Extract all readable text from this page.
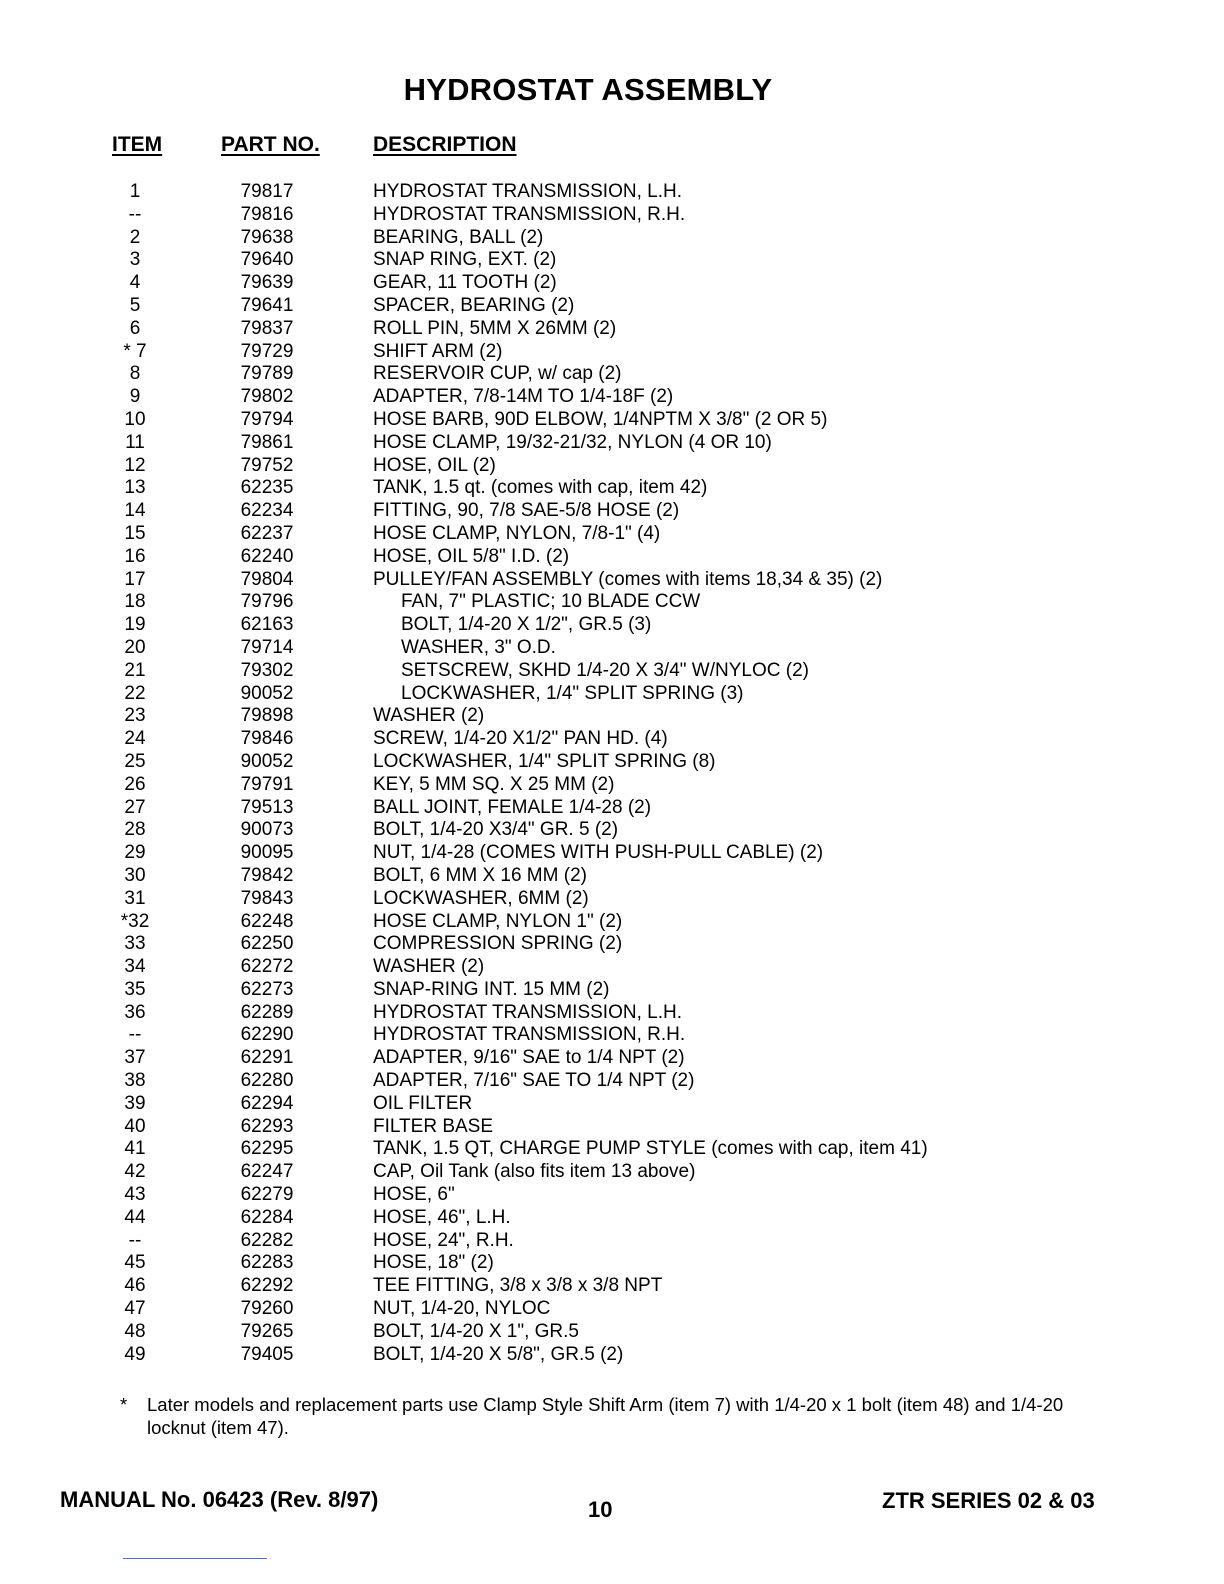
HYDROSTAT ASSEMBLY
ITEM	PART NO.	DESCRIPTION
1	79817	HYDROSTAT TRANSMISSION, L.H.
--	79816	HYDROSTAT TRANSMISSION, R.H.
2	79638	BEARING, BALL (2)
3	79640	SNAP RING, EXT. (2)
4	79639	GEAR, 11 TOOTH (2)
5	79641	SPACER, BEARING (2)
6	79837	ROLL PIN, 5MM X 26MM (2)
* 7	79729	SHIFT ARM (2)
8	79789	RESERVOIR CUP, w/ cap (2)
9	79802	ADAPTER, 7/8-14M TO 1/4-18F (2)
10	79794	HOSE BARB, 90D ELBOW, 1/4NPTM X 3/8" (2 OR 5)
11	79861	HOSE CLAMP, 19/32-21/32, NYLON (4 OR 10)
12	79752	HOSE, OIL (2)
13	62235	TANK, 1.5 qt. (comes with cap, item 42)
14	62234	FITTING, 90, 7/8 SAE-5/8 HOSE (2)
15	62237	HOSE CLAMP, NYLON, 7/8-1" (4)
16	62240	HOSE, OIL 5/8" I.D. (2)
17	79804	PULLEY/FAN ASSEMBLY (comes with items 18,34 & 35) (2)
18	79796	FAN, 7" PLASTIC; 10 BLADE CCW
19	62163	BOLT, 1/4-20 X 1/2", GR.5 (3)
20	79714	WASHER, 3" O.D.
21	79302	SETSCREW, SKHD 1/4-20 X 3/4" W/NYLOC (2)
22	90052	LOCKWASHER, 1/4" SPLIT SPRING (3)
23	79898	WASHER (2)
24	79846	SCREW, 1/4-20 X1/2" PAN HD. (4)
25	90052	LOCKWASHER, 1/4" SPLIT SPRING (8)
26	79791	KEY, 5 MM SQ. X 25 MM (2)
27	79513	BALL JOINT, FEMALE 1/4-28 (2)
28	90073	BOLT, 1/4-20 X3/4" GR. 5 (2)
29	90095	NUT, 1/4-28 (COMES WITH PUSH-PULL CABLE) (2)
30	79842	BOLT, 6 MM X 16 MM (2)
31	79843	LOCKWASHER, 6MM (2)
*32	62248	HOSE CLAMP, NYLON 1" (2)
33	62250	COMPRESSION SPRING (2)
34	62272	WASHER (2)
35	62273	SNAP-RING INT. 15 MM (2)
36	62289	HYDROSTAT TRANSMISSION, L.H.
--	62290	HYDROSTAT TRANSMISSION, R.H.
37	62291	ADAPTER, 9/16" SAE to 1/4 NPT (2)
38	62280	ADAPTER, 7/16" SAE TO 1/4 NPT (2)
39	62294	OIL FILTER
40	62293	FILTER BASE
41	62295	TANK, 1.5 QT, CHARGE PUMP STYLE (comes with cap, item 41)
42	62247	CAP, Oil Tank (also fits item 13 above)
43	62279	HOSE, 6"
44	62284	HOSE, 46", L.H.
--	62282	HOSE, 24", R.H.
45	62283	HOSE, 18" (2)
46	62292	TEE FITTING, 3/8 x 3/8 x 3/8 NPT
47	79260	NUT, 1/4-20, NYLOC
48	79265	BOLT, 1/4-20 X 1", GR.5
49	79405	BOLT, 1/4-20 X 5/8", GR.5 (2)
*	Later models and replacement parts use Clamp Style Shift Arm (item 7) with 1/4-20 x 1 bolt (item 48) and 1/4-20 locknut (item 47).
MANUAL No. 06423 (Rev. 8/97)	10	ZTR SERIES 02 & 03
